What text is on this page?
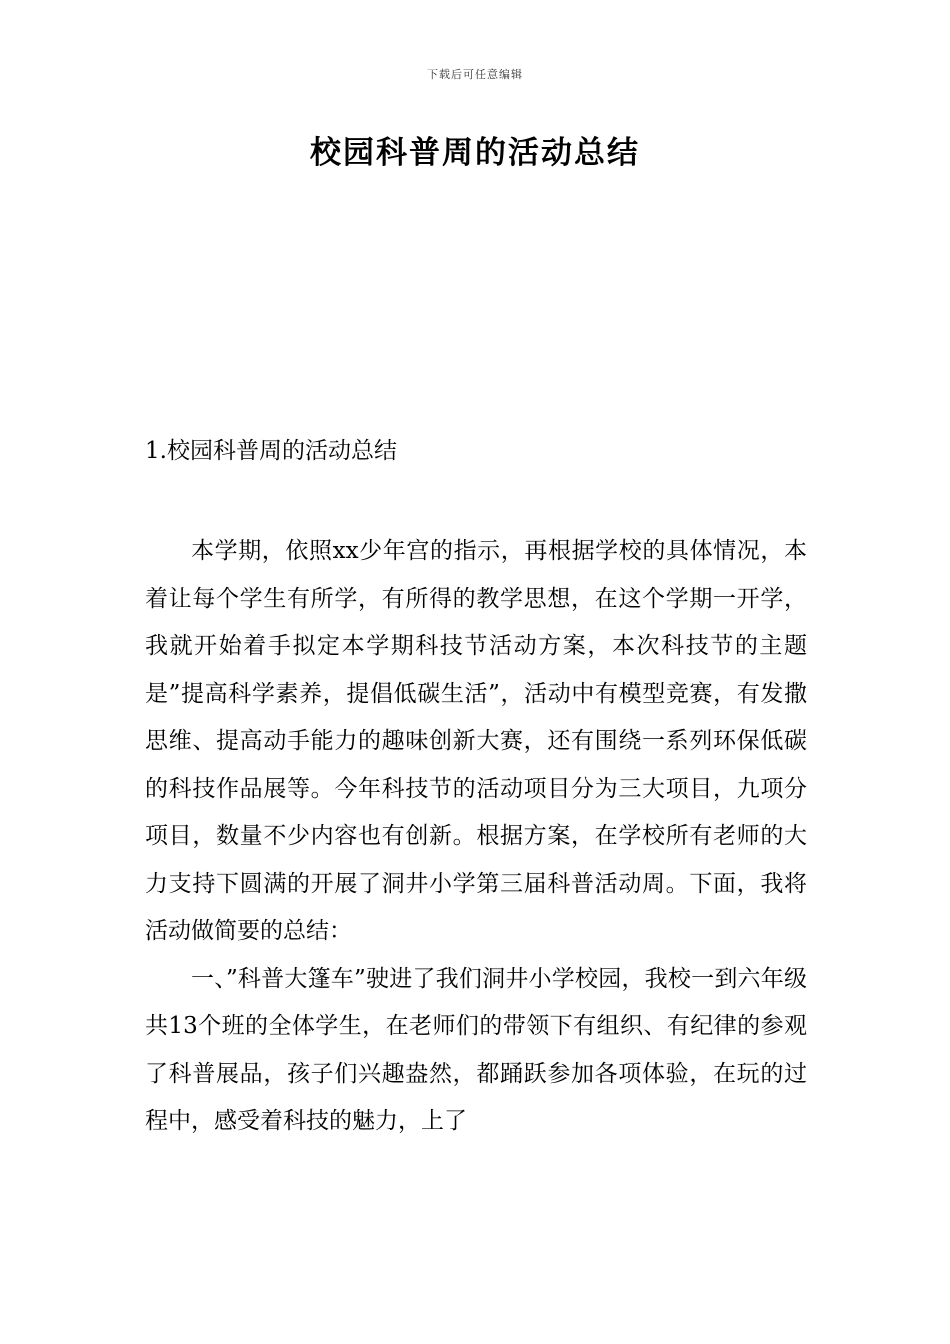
下载后可任意编辑
校园科普周的活动总结
1.校园科普周的活动总结

本学期，依照xx少年宫的指示，再根据学校的具体情况，本着让每个学生有所学，有所得的教学思想，在这个学期一开学，我就开始着手拟定本学期科技节活动方案，本次科技节的主题是”提高科学素养，提倡低碳生活”，活动中有模型竞赛，有发撒思维、提高动手能力的趣味创新大赛，还有围绕一系列环保低碳的科技作品展等。今年科技节的活动项目分为三大项目，九项分项目，数量不少内容也有创新。根据方案，在学校所有老师的大力支持下圆满的开展了洞井小学第三届科普活动周。下面，我将活动做简要的总结：

一、”科普大篷车”驶进了我们洞井小学校园，我校一到六年级共13个班的全体学生，在老师们的带领下有组织、有纪律的参观了科普展品，孩子们兴趣盎然，都踊跃参加各项体验，在玩的过程中，感受着科技的魅力，上了
